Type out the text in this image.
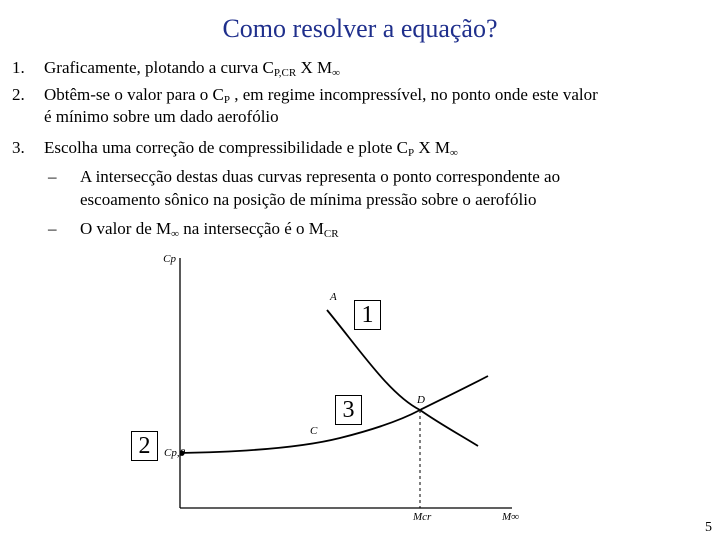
Como resolver a equação?
1. Graficamente, plotando a curva $C_{P,CR}$ X $M_\infty$
2. Obtêm-se o valor para o $C_P$ , em regime incompressível, no ponto onde este valor
é mínimo sobre um dado aerofólio
3. Escolha uma correção de compressibilidade e plote $C_P$ X $M_\infty$
– A intersecção destas duas curvas representa o ponto correspondente ao
escoamento sônico na posição de mínima pressão sobre o aerofólio
– O valor de $M_\infty$ na intersecção é o $M_{CR}$
Cp
M∞
Mcr
Cp,0
A
C
D
1
3
2
5
